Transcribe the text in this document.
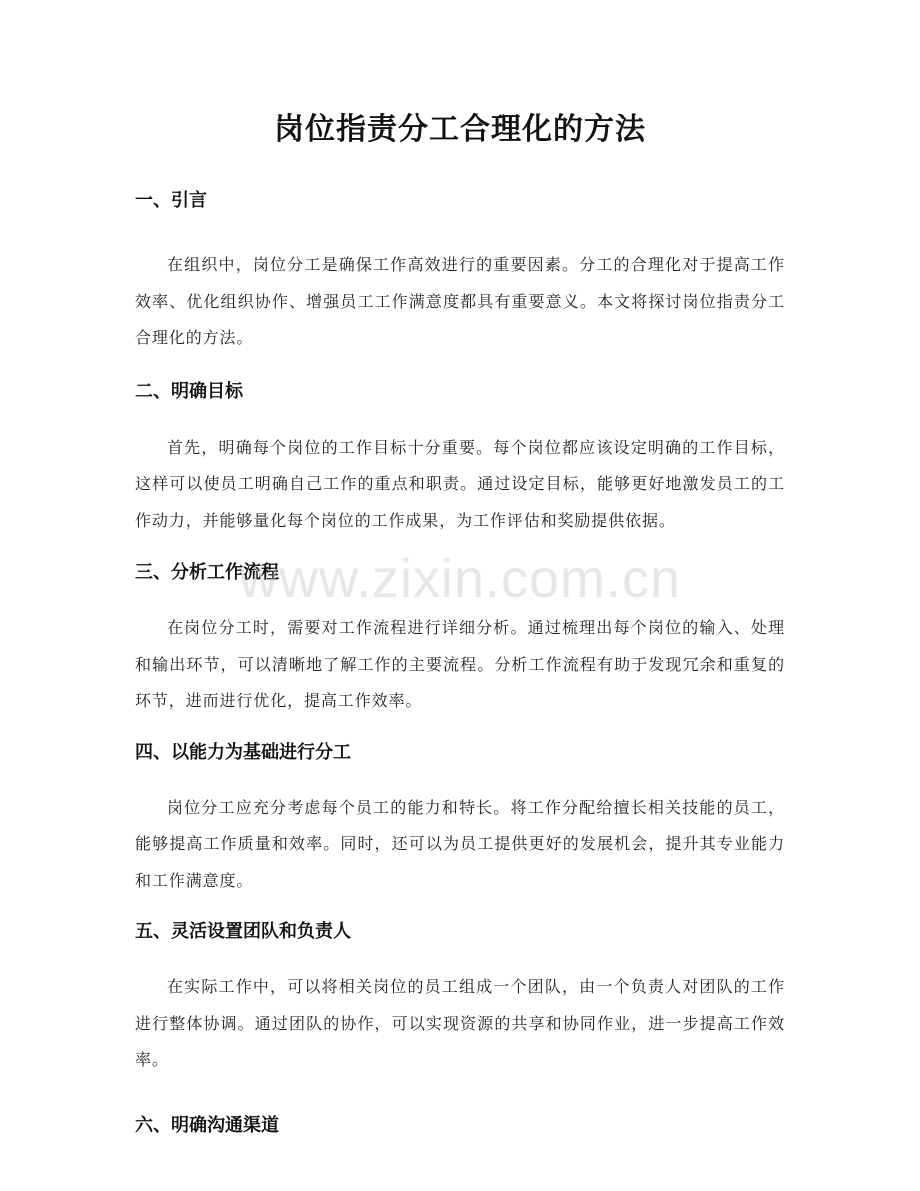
岗位指责分工合理化的方法
一、引言

在组织中，岗位分工是确保工作高效进行的重要因素。分工的合理化对于提高工作效率、优化组织协作、增强员工工作满意度都具有重要意义。本文将探讨岗位指责分工合理化的方法。

二、明确目标

首先，明确每个岗位的工作目标十分重要。每个岗位都应该设定明确的工作目标，这样可以使员工明确自己工作的重点和职责。通过设定目标，能够更好地激发员工的工作动力，并能够量化每个岗位的工作成果，为工作评估和奖励提供依据。

三、分析工作流程

在岗位分工时，需要对工作流程进行详细分析。通过梳理出每个岗位的输入、处理和输出环节，可以清晰地了解工作的主要流程。分析工作流程有助于发现冗余和重复的环节，进而进行优化，提高工作效率。

四、以能力为基础进行分工

岗位分工应充分考虑每个员工的能力和特长。将工作分配给擅长相关技能的员工，能够提高工作质量和效率。同时，还可以为员工提供更好的发展机会，提升其专业能力和工作满意度。

五、灵活设置团队和负责人

在实际工作中，可以将相关岗位的员工组成一个团队，由一个负责人对团队的工作进行整体协调。通过团队的协作，可以实现资源的共享和协同作业，进一步提高工作效率。

六、明确沟通渠道
www.zixin.com.cn
